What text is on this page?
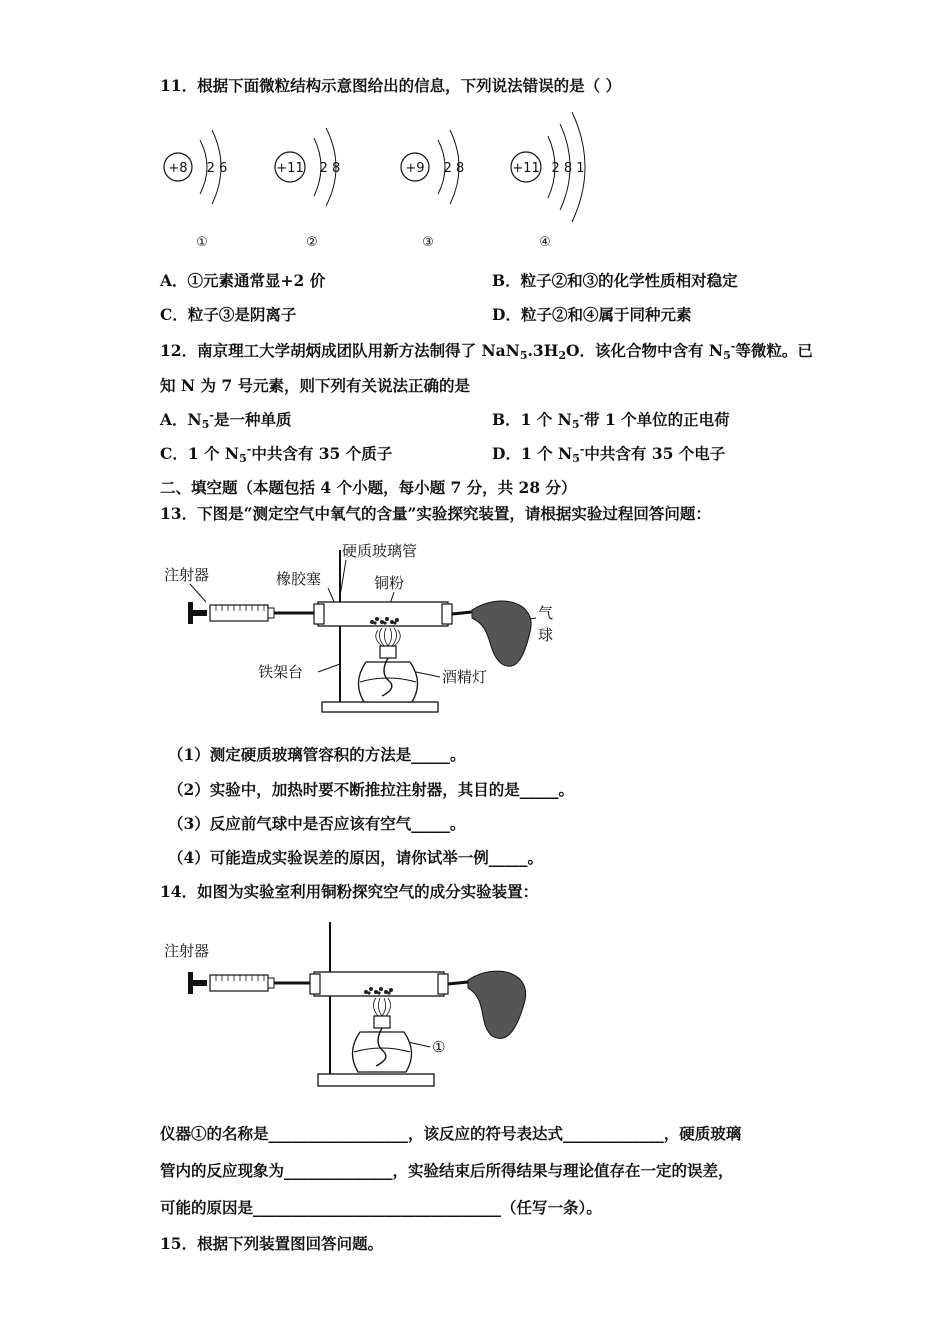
11．根据下面微粒结构示意图给出的信息，下列说法错误的是（ ）
+8 2 6
①
+11 2 8
②
+9 2 8
③
+11 2 8 1
④
A．①元素通常显+2 价	B．粒子②和③的化学性质相对稳定
C．粒子③是阴离子	D．粒子②和④属于同种元素
12．南京理工大学胡炳成团队用新方法制得了 NaN5.3H2O．该化合物中含有 N5-等微粒。已
知 N 为 7 号元素，则下列有关说法正确的是
A．N5-是一种单质	B．1 个 N5-带 1 个单位的正电荷
C．1 个 N5-中共含有 35 个质子	D．1 个 N5-中共含有 35 个电子
二、填空题（本题包括 4 个小题，每小题 7 分，共 28 分）
13．下图是“测定空气中氧气的含量”实验探究装置，请根据实验过程回答问题：
注射器	橡胶塞
硬质玻璃管
铜粉
气
球
铁架台	酒精灯
（1）测定硬质玻璃管容积的方法是_____。
（2）实验中，加热时要不断推拉注射器，其目的是_____。
（3）反应前气球中是否应该有空气_____。
（4）可能造成实验误差的原因，请你试举一例_____。
14．如图为实验室利用铜粉探究空气的成分实验装置：
注射器
①
仪器①的名称是__________________，该反应的符号表达式_____________，硬质玻璃
管内的反应现象为______________，实验结束后所得结果与理论值存在一定的误差，
可能的原因是________________________________（任写一条）。
15．根据下列装置图回答问题。
